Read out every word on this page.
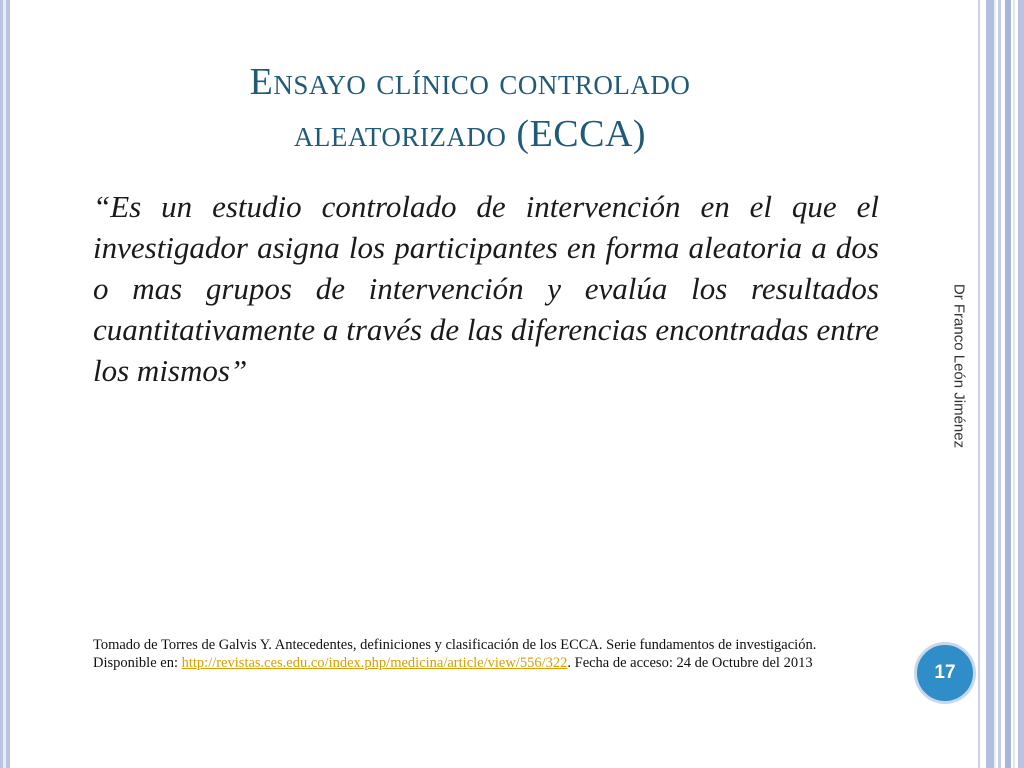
Ensayo clínico controlado
aleatorizado (ECCA)

“Es un estudio controlado de intervención en el que el investigador asigna los participantes en forma aleatoria a dos o mas grupos de intervención y evalúa los resultados cuantitativamente a través de las diferencias encontradas entre los mismos”	Dr Franco León Jiménez

Tomado de Torres de Galvis Y. Antecedentes, definiciones y clasificación de los ECCA. Serie fundamentos de investigación. Disponible en: http://revistas.ces.edu.co/index.php/medicina/article/view/556/322. Fecha de acceso: 24 de Octubre del 2013	17
